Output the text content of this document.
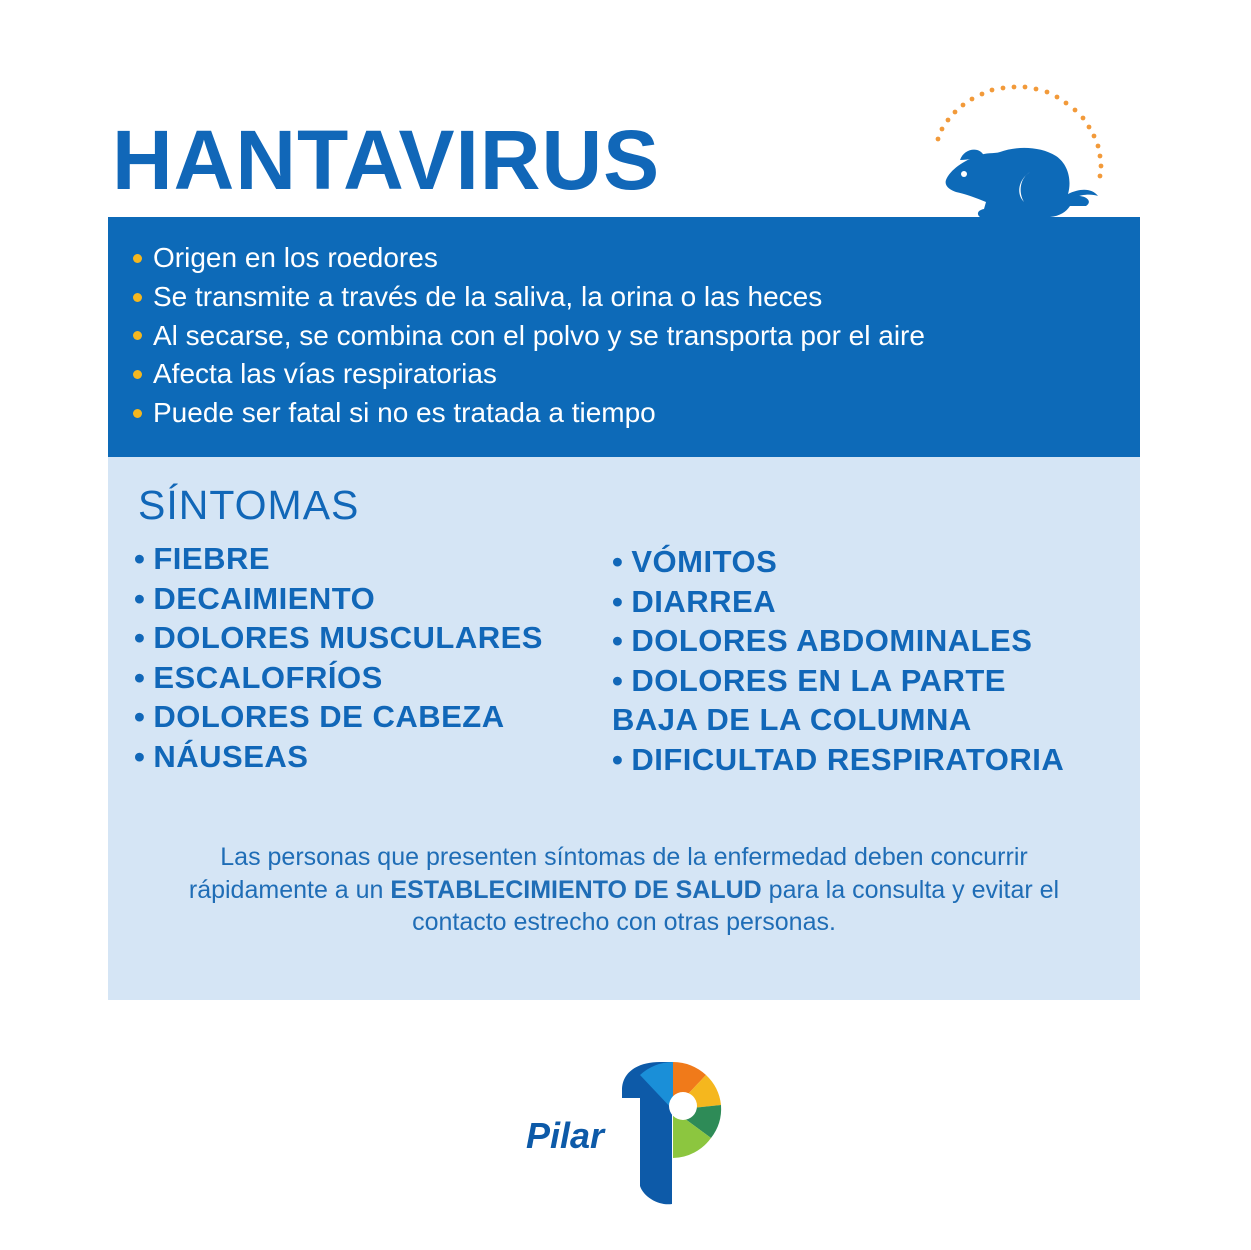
HANTAVIRUS
Origen en los roedores
Se transmite a través de la saliva, la orina o las heces
Al secarse, se combina con el polvo y se transporta por el aire
Afecta las vías respiratorias
Puede ser fatal si no es tratada a tiempo
SÍNTOMAS
• FIEBRE
• DECAIMIENTO
• DOLORES MUSCULARES
• ESCALOFRÍOS
• DOLORES DE CABEZA
• NÁUSEAS
• VÓMITOS
• DIARREA
• DOLORES ABDOMINALES
• DOLORES EN LA PARTE
BAJA DE LA COLUMNA
• DIFICULTAD RESPIRATORIA

Las personas que presenten síntomas de la enfermedad deben concurrir rápidamente a un ESTABLECIMIENTO DE SALUD para la consulta y evitar el contacto estrecho con otras personas.

Pilar
